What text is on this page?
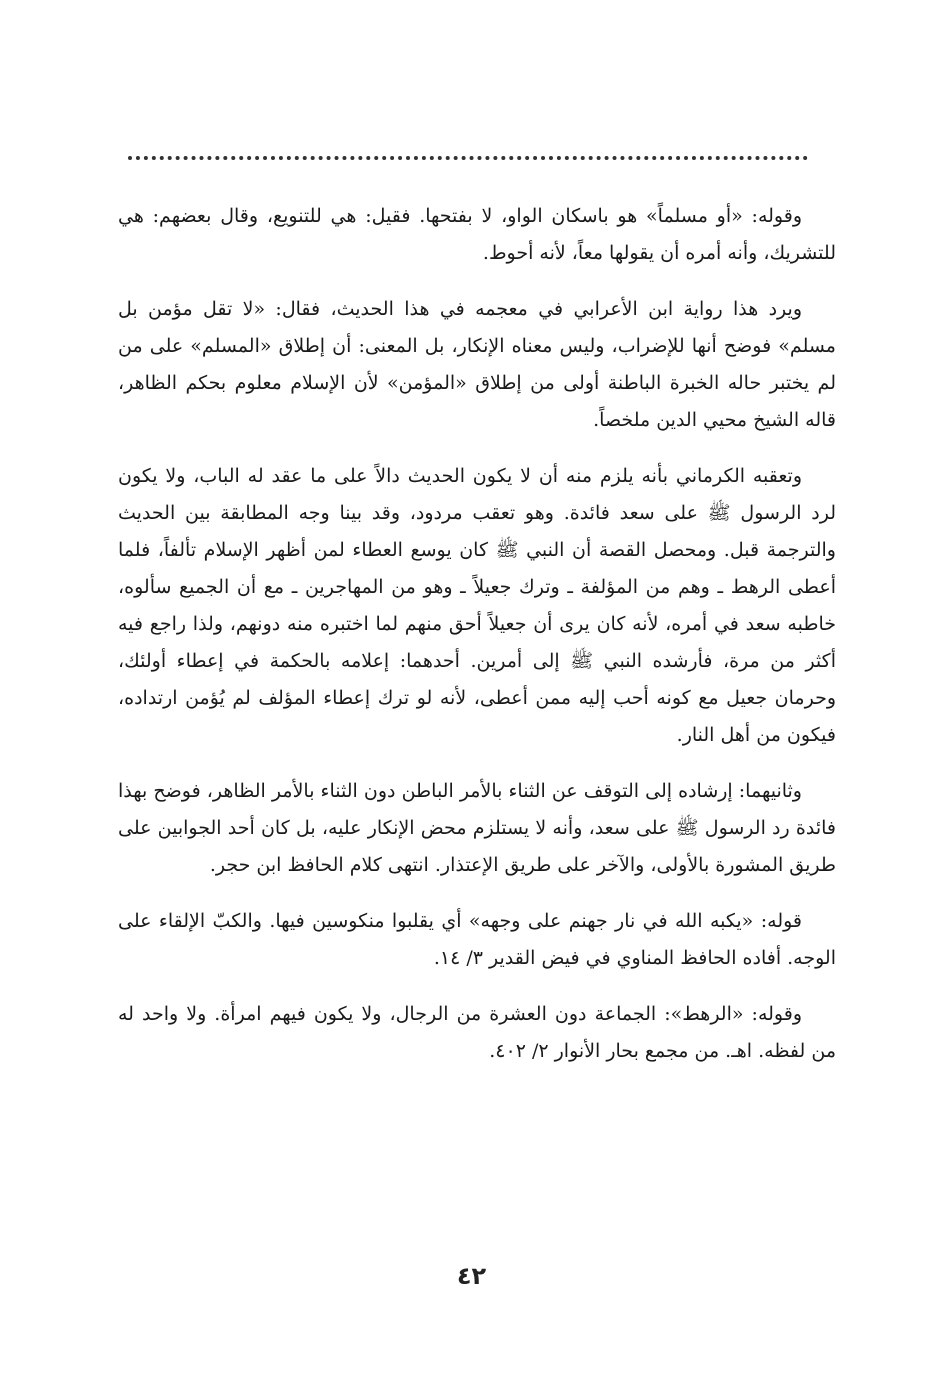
وقوله: «أو مسلماً» هو باسكان الواو، لا بفتحها. فقيل: هي للتنويع، وقال بعضهم: هي للتشريك، وأنه أمره أن يقولها معاً، لأنه أحوط.

ويرد هذا رواية ابن الأعرابي في معجمه في هذا الحديث، فقال: «لا تقل مؤمن بل مسلم» فوضح أنها للإضراب، وليس معناه الإنكار، بل المعنى: أن إطلاق «المسلم» على من لم يختبر حاله الخبرة الباطنة أولى من إطلاق «المؤمن» لأن الإسلام معلوم بحكم الظاهر، قاله الشيخ محيي الدين ملخصاً.

وتعقبه الكرماني بأنه يلزم منه أن لا يكون الحديث دالاً على ما عقد له الباب، ولا يكون لرد الرسول ﷺ على سعد فائدة. وهو تعقب مردود، وقد بينا وجه المطابقة بين الحديث والترجمة قبل. ومحصل القصة أن النبي ﷺ كان يوسع العطاء لمن أظهر الإسلام تألفاً، فلما أعطى الرهط ـ وهم من المؤلفة ـ وترك جعيلاً ـ وهو من المهاجرين ـ مع أن الجميع سألوه، خاطبه سعد في أمره، لأنه كان يرى أن جعيلاً أحق منهم لما اختبره منه دونهم، ولذا راجع فيه أكثر من مرة، فأرشده النبي ﷺ إلى أمرين. أحدهما: إعلامه بالحكمة في إعطاء أولئك، وحرمان جعيل مع كونه أحب إليه ممن أعطى، لأنه لو ترك إعطاء المؤلف لم يُؤمن ارتداده، فيكون من أهل النار.

وثانيهما: إرشاده إلى التوقف عن الثناء بالأمر الباطن دون الثناء بالأمر الظاهر، فوضح بهذا فائدة رد الرسول ﷺ على سعد، وأنه لا يستلزم محض الإنكار عليه، بل كان أحد الجوابين على طريق المشورة بالأولى، والآخر على طريق الإعتذار. انتهى كلام الحافظ ابن حجر.

قوله: «يكبه الله في نار جهنم على وجهه» أي يقلبوا منكوسين فيها. والكبّ الإلقاء على الوجه. أفاده الحافظ المناوي في فيض القدير ٣/ ١٤.

وقوله: «الرهط»: الجماعة دون العشرة من الرجال، ولا يكون فيهم امرأة. ولا واحد له من لفظه. اهـ. من مجمع بحار الأنوار ٢/ ٤٠٢.

٤٢
